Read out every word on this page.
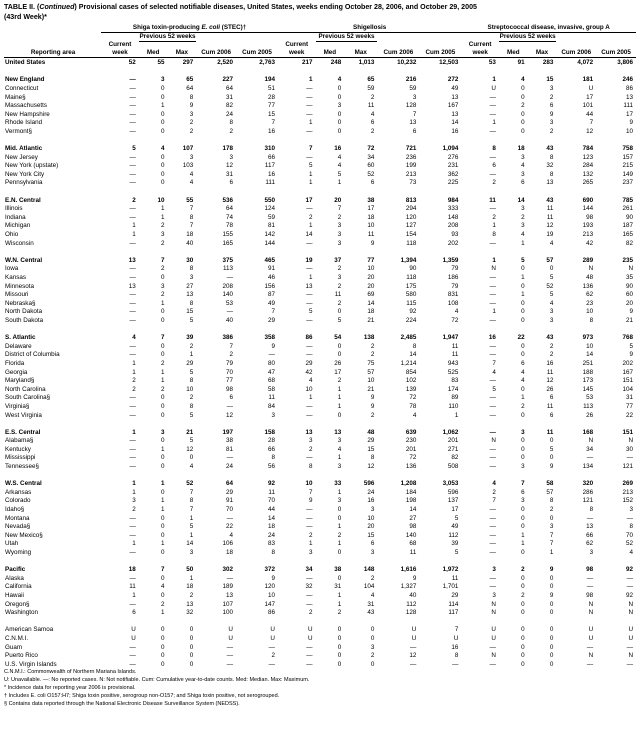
TABLE II. (Continued) Provisional cases of selected notifiable diseases, United States, weeks ending October 28, 2006, and October 29, 2005
(43rd Week)*
	Shiga toxin-producing E. coli (STEC)†					Shigellosis					Streptococcal disease, invasive, group A				
		Previous 52 weeks					Previous 52 weeks					Previous 52 weeks			
Reporting area	Current week	Med	Max	Cum 2006	Cum 2005	Current week	Med	Max	Cum 2006	Cum 2005	Current week	Med	Max	Cum 2006	Cum 2005
United States	52	55	297	2,520	2,763	217	248	1,013	10,232	12,503	53	91	283	4,072	3,806

New England	—	3	65	227	194	1	4	65	216	272	1	4	15	181	246
Connecticut	—	0	64	64	51	—	0	59	59	49	U	0	3	U	86
Maine§	—	0	8	31	28	—	0	2	3	13	—	0	2	17	13
Massachusetts	—	1	9	82	77	—	3	11	128	167	—	2	6	101	111
New Hampshire	—	0	3	24	15	—	0	4	7	13	—	0	9	44	17
Rhode Island	—	0	2	8	7	1	0	6	13	14	1	0	3	7	9
Vermont§	—	0	2	2	16	—	0	2	6	16	—	0	2	12	10

Mid. Atlantic	5	4	107	178	310	7	16	72	721	1,094	8	18	43	784	758
New Jersey	—	0	3	3	66	—	4	34	236	276	—	3	8	123	157
New York (upstate)	—	0	103	12	117	5	4	60	199	231	6	4	32	284	215
New York City	—	0	4	31	16	1	5	52	213	362	—	3	8	132	149
Pennsylvania	—	0	4	6	111	1	1	6	73	225	2	6	13	265	237

E.N. Central	2	10	55	536	550	17	20	38	813	984	11	14	43	690	785
Illinois	—	1	7	64	124	—	7	17	294	333	—	3	11	144	261
Indiana	—	1	8	74	59	2	2	18	120	148	2	2	11	98	90
Michigan	1	2	7	78	81	1	3	10	127	208	1	3	12	193	187
Ohio	1	3	18	155	142	14	3	11	154	93	8	4	19	213	165
Wisconsin	—	2	40	165	144	—	3	9	118	202	—	1	4	42	82

W.N. Central	13	7	30	375	465	19	37	77	1,394	1,359	1	5	57	289	235
Iowa	—	2	8	113	91	—	2	10	90	79	N	0	0	N	N
Kansas	—	0	3	—	46	1	3	20	118	186	—	1	5	48	35
Minnesota	13	3	27	208	156	13	2	20	175	79	—	0	52	136	90
Missouri	—	2	13	140	87	—	11	69	580	831	—	1	5	62	60
Nebraska§	—	1	8	53	49	—	2	14	115	108	—	0	4	23	20
North Dakota	—	0	15	—	7	5	0	18	92	4	1	0	3	10	9
South Dakota	—	0	5	40	29	—	5	21	224	72	—	0	3	8	21

S. Atlantic	4	7	39	386	358	86	54	138	2,485	1,947	16	22	43	973	768
Delaware	—	0	2	7	9	—	0	2	8	11	—	0	2	10	5
District of Columbia	—	0	1	2	—	—	0	2	14	11	—	0	2	14	9
Florida	1	2	29	79	80	29	26	75	1,214	943	7	6	16	251	202
Georgia	1	1	5	70	47	42	17	57	854	525	4	4	11	188	167
Maryland§	2	1	8	77	68	4	2	10	102	83	—	4	12	173	151
North Carolina	2	2	10	98	58	10	1	21	139	174	5	0	26	145	104
South Carolina§	—	0	2	6	11	1	1	9	72	89	—	1	6	53	31
Virginia§	—	0	8	—	84	—	1	9	78	110	—	2	11	113	77
West Virginia	—	0	5	12	3	—	0	2	4	1	—	0	6	26	22

E.S. Central	1	3	21	197	158	13	13	48	639	1,062	—	3	11	168	151
Alabama§	—	0	5	38	28	3	3	29	230	201	N	0	0	N	N
Kentucky	—	1	12	81	66	2	4	15	201	271	—	0	5	34	30
Mississippi	—	0	0	—	8	—	1	8	72	82	—	0	0	—	—
Tennessee§	—	0	4	24	56	8	3	12	136	508	—	3	9	134	121

W.S. Central	1	1	52	64	92	10	33	596	1,208	3,053	4	7	58	320	269
Arkansas	1	0	7	29	11	7	1	24	184	596	2	6	57	286	213
Colorado	3	1	8	91	70	9	3	16	198	137	7	3	8	121	152
Idaho§	2	1	7	70	44	—	0	3	14	17	—	0	2	8	3
Montana	—	0	1	—	14	—	0	10	27	5	—	0	0	—	—
Nevada§	—	0	5	22	18	—	1	20	98	49	—	0	3	13	8
New Mexico§	—	0	1	4	24	2	2	15	140	112	—	1	7	66	70
Utah	1	1	14	106	83	1	1	6	68	39	—	1	7	62	52
Wyoming	—	0	3	18	8	3	0	3	11	5	—	0	1	3	4

Pacific	18	7	50	302	372	34	38	148	1,616	1,972	3	2	9	98	92
Alaska	—	0	1	—	9	—	0	2	9	11	—	0	0	—	—
California	11	4	18	189	120	32	31	104	1,327	1,701	—	0	0	—	—
Hawaii	1	0	2	13	10	—	1	4	40	29	3	2	9	98	92
Oregon§	—	2	13	107	147	—	1	31	112	114	N	0	0	N	N
Washington	6	1	32	100	86	2	2	43	128	117	N	0	0	N	N

American Samoa	U	0	0	U	U	U	0	0	U	7	U	0	0	U	U
C.N.M.I.	U	0	0	U	U	U	0	0	U	U	U	0	0	U	U
Guam	—	0	0	—	—	—	0	3	—	16	—	0	0	—	—
Puerto Rico	—	0	0	—	2	—	0	2	12	8	N	0	0	N	N
U.S. Virgin Islands	—	0	0	—	—	—	0	0	—	—	—	0	0	—	—
C.N.M.I.: Commonwealth of Northern Mariana Islands.
U: Unavailable. —: No reported cases. N: Not notifiable. Cum: Cumulative year-to-date counts. Med: Median. Max: Maximum.
* Incidence data for reporting year 2006 is provisional.
† Includes E. coli O157:H7; Shiga toxin positive, serogroup non-O157; and Shiga toxin positive, not serogrouped.
§ Contains data reported through the National Electronic Disease Surveillance System (NEDSS).
